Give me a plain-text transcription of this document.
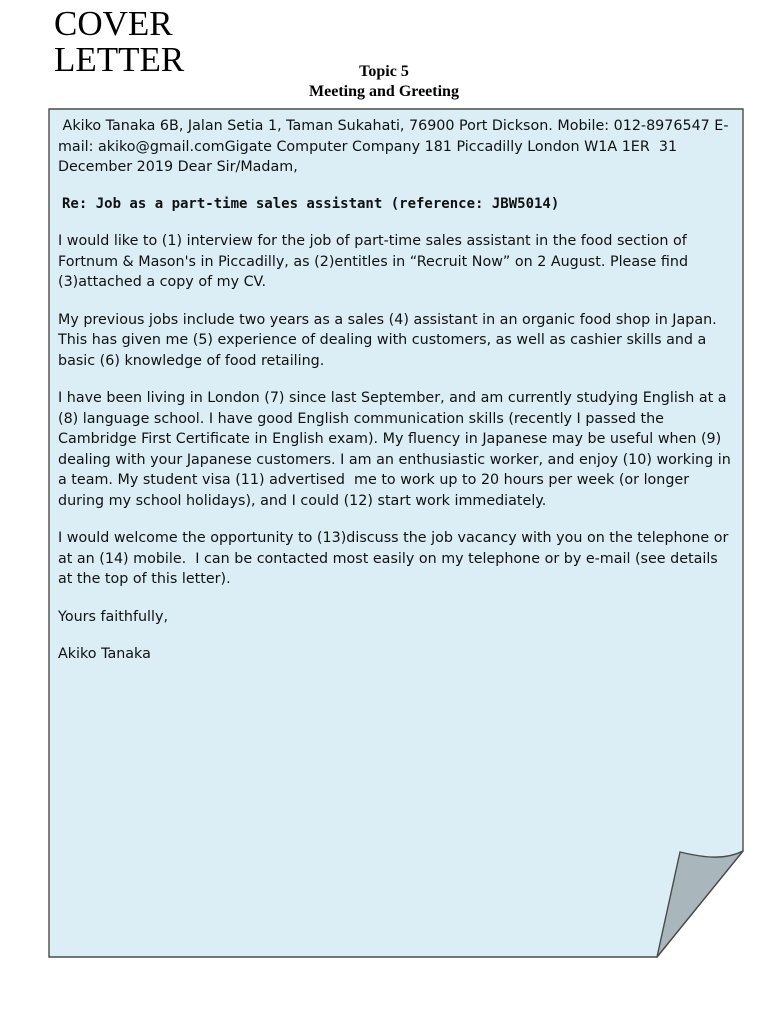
COVER
LETTER	Topic 5
Meeting and Greeting

Akiko Tanaka 6B, Jalan Setia 1, Taman Sukahati, 76900 Port Dickson. Mobile: 012-8976547 E-mail: akiko@gmail.comGigate Computer Company 181 Piccadilly London W1A 1ER  31 December 2019 Dear Sir/Madam,

Re: Job as a part-time sales assistant (reference: JBW5014)

I would like to (1) interview for the job of part-time sales assistant in the food section of Fortnum & Mason's in Piccadilly, as (2)entitles in “Recruit Now” on 2 August. Please find (3)attached a copy of my CV.

My previous jobs include two years as a sales (4) assistant in an organic food shop in Japan. This has given me (5) experience of dealing with customers, as well as cashier skills and a basic (6) knowledge of food retailing.

I have been living in London (7) since last September, and am currently studying English at a (8) language school. I have good English communication skills (recently I passed the Cambridge First Certificate in English exam). My fluency in Japanese may be useful when (9) dealing with your Japanese customers. I am an enthusiastic worker, and enjoy (10) working in a team. My student visa (11) advertised  me to work up to 20 hours per week (or longer during my school holidays), and I could (12) start work immediately.

I would welcome the opportunity to (13)discuss the job vacancy with you on the telephone or at an (14) mobile.  I can be contacted most easily on my telephone or by e-mail (see details at the top of this letter).

Yours faithfully,

Akiko Tanaka
